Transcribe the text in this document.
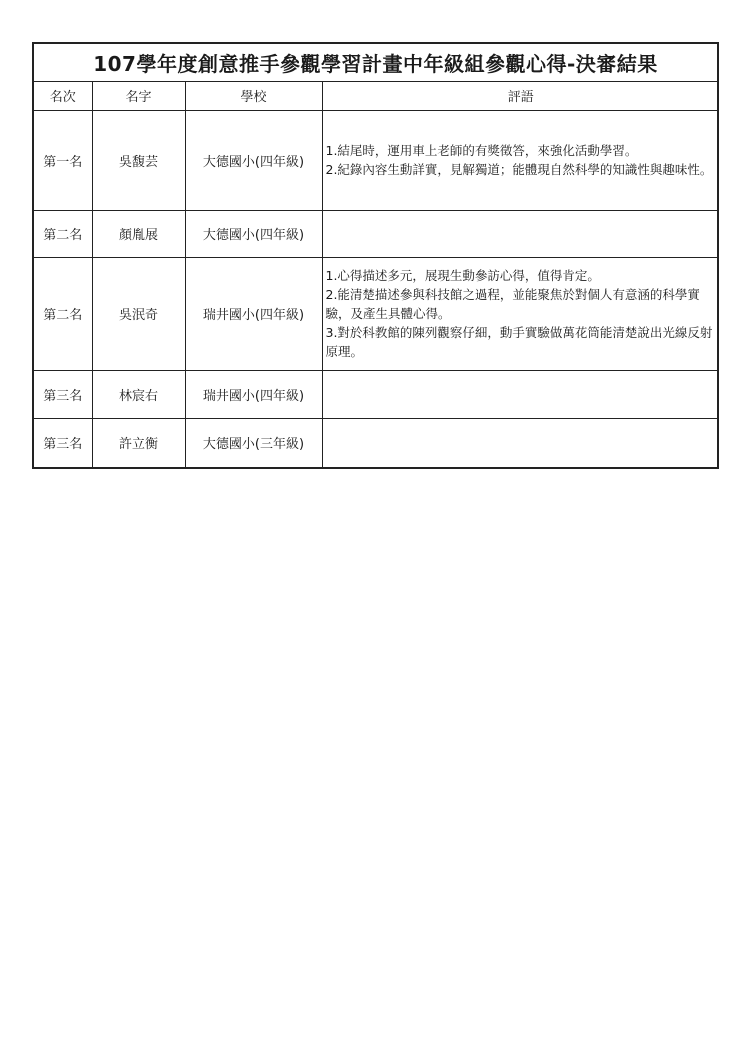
107學年度創意推手參觀學習計畫中年級組參觀心得-決審結果
名次	名字	學校	評語
第一名	吳馥芸	大德國小(四年級)	1.結尾時，運用車上老師的有獎徵答，來強化活動學習。
2.紀錄內容生動詳實，見解獨道；能體現自然科學的知識性與趣味性。

第二名	顏胤展	大德國小(四年級)	
第二名	吳泯奇	瑞井國小(四年級)	1.心得描述多元，展現生動參訪心得，值得肯定。
2.能清楚描述參與科技館之過程，並能聚焦於對個人有意涵的科學實驗，及產生具體心得。
3.對於科教館的陳列觀察仔細，動手實驗做萬花筒能清楚說出光線反射原理。

第三名	林宸右	瑞井國小(四年級)	
第三名	許立衡	大德國小(三年級)	
